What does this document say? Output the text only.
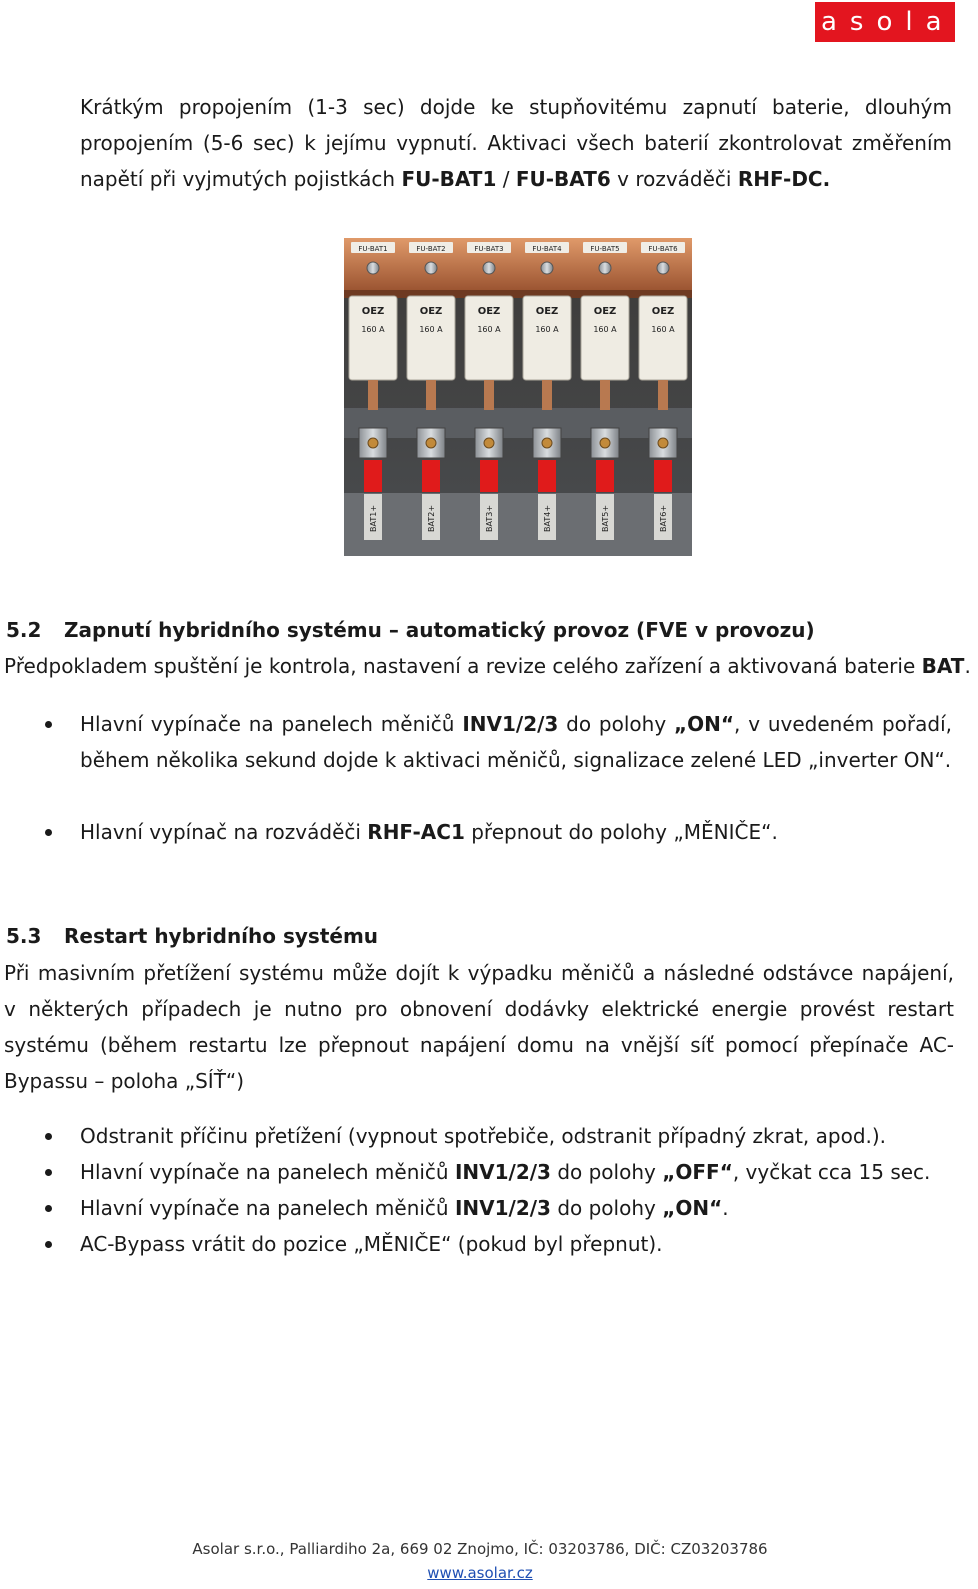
asolar
Krátkým propojením (1-3 sec) dojde ke stupňovitému zapnutí baterie, dlouhým
propojením (5-6 sec) k jejímu vypnutí. Aktivaci všech baterií zkontrolovat změřením
napětí při vyjmutých pojistkách FU-BAT1 / FU-BAT6 v rozváděči RHF-DC.
FU-BAT1
OEZ
160 A
BAT1+
FU-BAT2
OEZ
160 A
BAT2+
FU-BAT3
OEZ
160 A
BAT3+
FU-BAT4
OEZ
160 A
BAT4+
FU-BAT5
OEZ
160 A
BAT5+
FU-BAT6
OEZ
160 A
BAT6+
5.2 Zapnutí hybridního systému – automatický provoz (FVE v provozu)
Předpokladem spuštění je kontrola, nastavení a revize celého zařízení a aktivovaná baterie BAT.
Hlavní vypínače na panelech měničů INV1/2/3 do polohy „ON“, v uvedeném pořadí,
během několika sekund dojde k aktivaci měničů, signalizace zelené LED „inverter ON“.
Hlavní vypínač na rozváděči RHF-AC1 přepnout do polohy „MĚNIČE“.
5.3 Restart hybridního systému
Při masivním přetížení systému může dojít k výpadku měničů a následné odstávce napájení,
v některých případech je nutno pro obnovení dodávky elektrické energie provést restart
systému (během restartu lze přepnout napájení domu na vnější síť pomocí přepínače AC-
Bypassu – poloha „SÍŤ“)
Odstranit příčinu přetížení (vypnout spotřebiče, odstranit případný zkrat, apod.).
Hlavní vypínače na panelech měničů INV1/2/3 do polohy „OFF“, vyčkat cca 15 sec.
Hlavní vypínače na panelech měničů INV1/2/3 do polohy „ON“.
AC-Bypass vrátit do pozice „MĚNIČE“ (pokud byl přepnut).
Asolar s.r.o., Palliardiho 2a, 669 02 Znojmo, IČ: 03203786, DIČ: CZ03203786
www.asolar.cz
